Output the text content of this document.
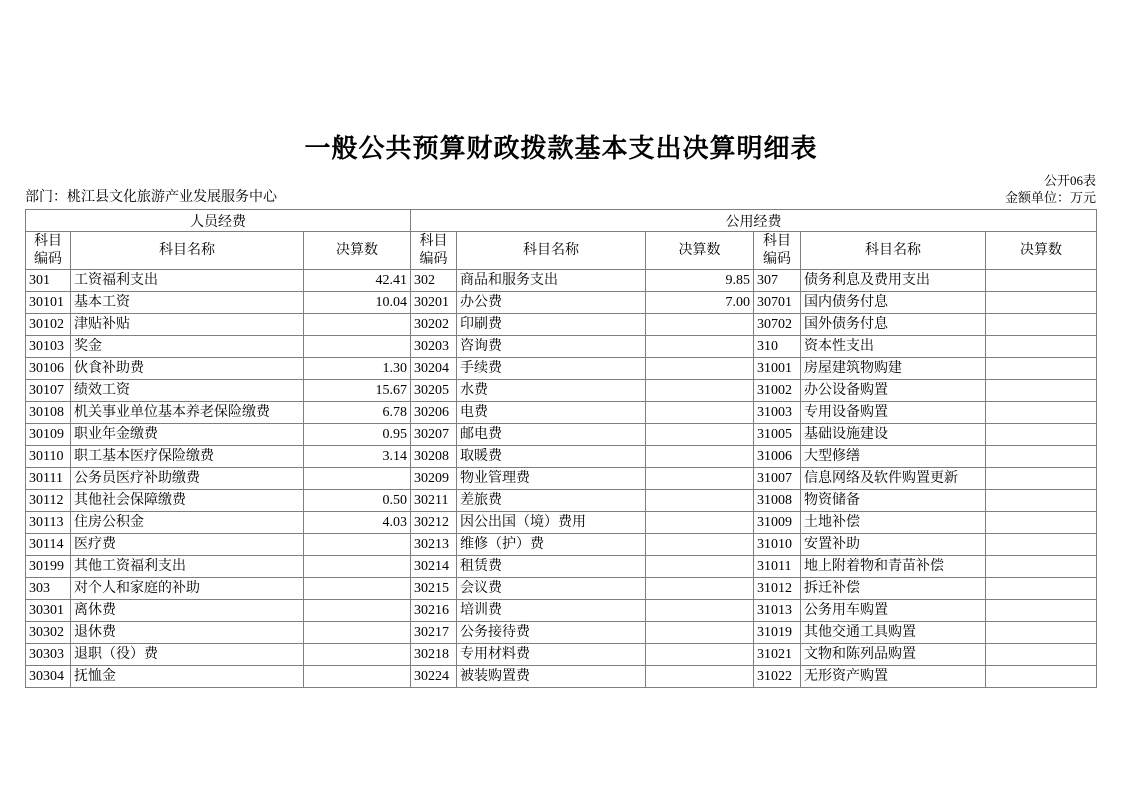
一般公共预算财政拨款基本支出决算明细表
公开06表
部门：桃江县文化旅游产业发展服务中心	金额单位：万元
人员经费			公用经费					
科目编码	科目名称	决算数	科目编码	科目名称	决算数	科目编码	科目名称	决算数
301	工资福利支出	42.41	302	商品和服务支出	9.85	307	债务利息及费用支出	
30101	基本工资	10.04	30201	办公费	7.00	30701	国内债务付息	
30102	津贴补贴		30202	印刷费		30702	国外债务付息	
30103	奖金		30203	咨询费		310	资本性支出	
30106	伙食补助费	1.30	30204	手续费		31001	房屋建筑物购建	
30107	绩效工资	15.67	30205	水费		31002	办公设备购置	
30108	机关事业单位基本养老保险缴费	6.78	30206	电费		31003	专用设备购置	
30109	职业年金缴费	0.95	30207	邮电费		31005	基础设施建设	
30110	职工基本医疗保险缴费	3.14	30208	取暖费		31006	大型修缮	
30111	公务员医疗补助缴费		30209	物业管理费		31007	信息网络及软件购置更新	
30112	其他社会保障缴费	0.50	30211	差旅费		31008	物资储备	
30113	住房公积金	4.03	30212	因公出国（境）费用		31009	土地补偿	
30114	医疗费		30213	维修（护）费		31010	安置补助	
30199	其他工资福利支出		30214	租赁费		31011	地上附着物和青苗补偿	
303	对个人和家庭的补助		30215	会议费		31012	拆迁补偿	
30301	离休费		30216	培训费		31013	公务用车购置	
30302	退休费		30217	公务接待费		31019	其他交通工具购置	
30303	退职（役）费		30218	专用材料费		31021	文物和陈列品购置	
30304	抚恤金		30224	被装购置费		31022	无形资产购置	
